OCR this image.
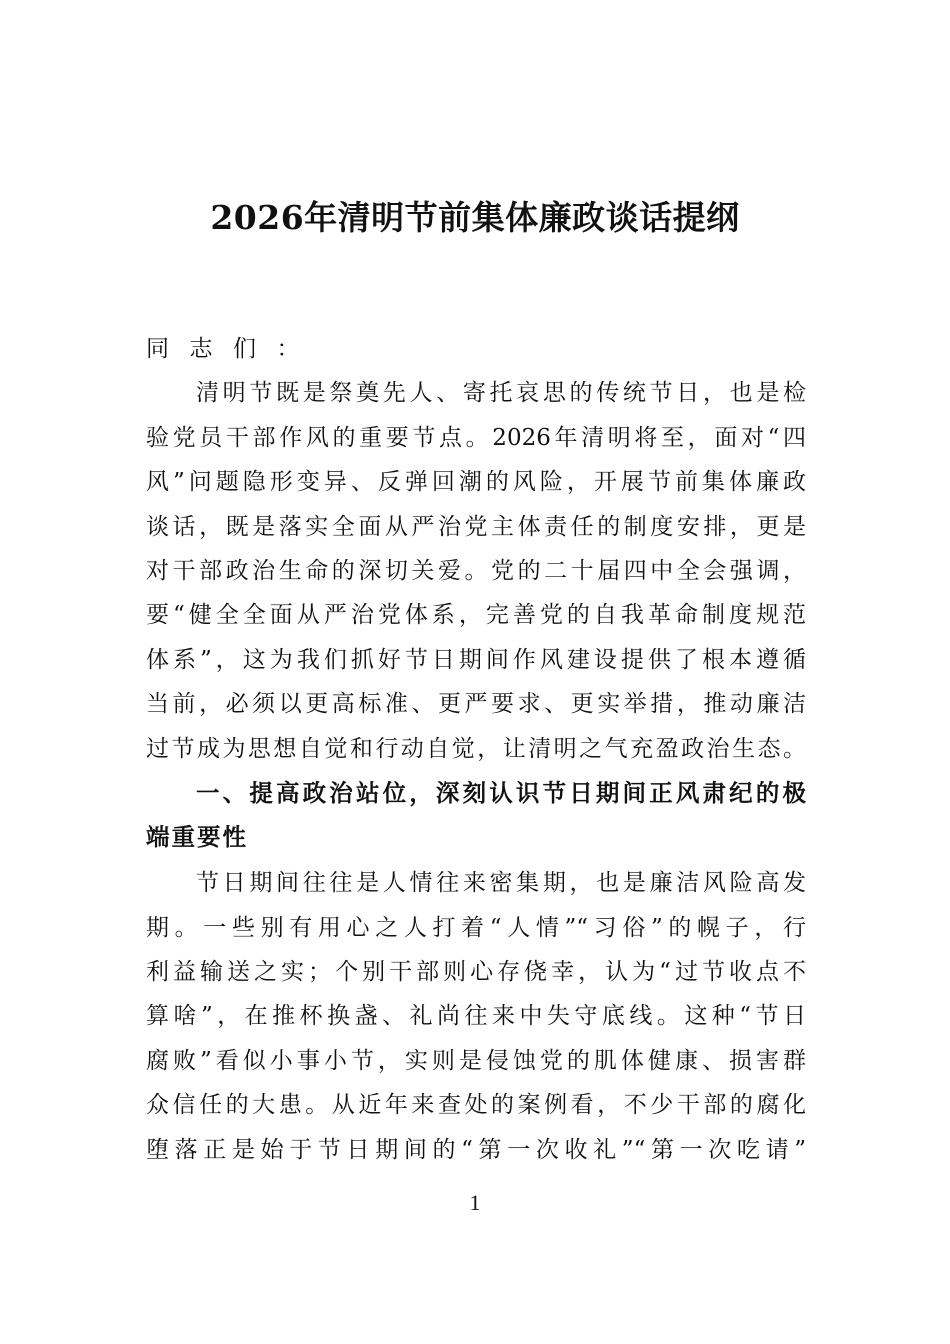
2026年清明节前集体廉政谈话提纲
同志们：
清明节既是祭奠先人、寄托哀思的传统节日，也是检
验党员干部作风的重要节点。2026年清明将至，面对“四
风”问题隐形变异、反弹回潮的风险，开展节前集体廉政
谈话，既是落实全面从严治党主体责任的制度安排，更是
对干部政治生命的深切关爱。党的二十届四中全会强调，
要“健全全面从严治党体系，完善党的自我革命制度规范
体系”，这为我们抓好节日期间作风建设提供了根本遵循
当前，必须以更高标准、更严要求、更实举措，推动廉洁
过节成为思想自觉和行动自觉，让清明之气充盈政治生态。
一、提高政治站位，深刻认识节日期间正风肃纪的极
端重要性
节日期间往往是人情往来密集期，也是廉洁风险高发
期。一些别有用心之人打着“人情”“习俗”的幌子，行
利益输送之实；个别干部则心存侥幸，认为“过节收点不
算啥”，在推杯换盏、礼尚往来中失守底线。这种“节日
腐败”看似小事小节，实则是侵蚀党的肌体健康、损害群
众信任的大患。从近年来查处的案例看，不少干部的腐化
堕落正是始于节日期间的“第一次收礼”“第一次吃请”
1
